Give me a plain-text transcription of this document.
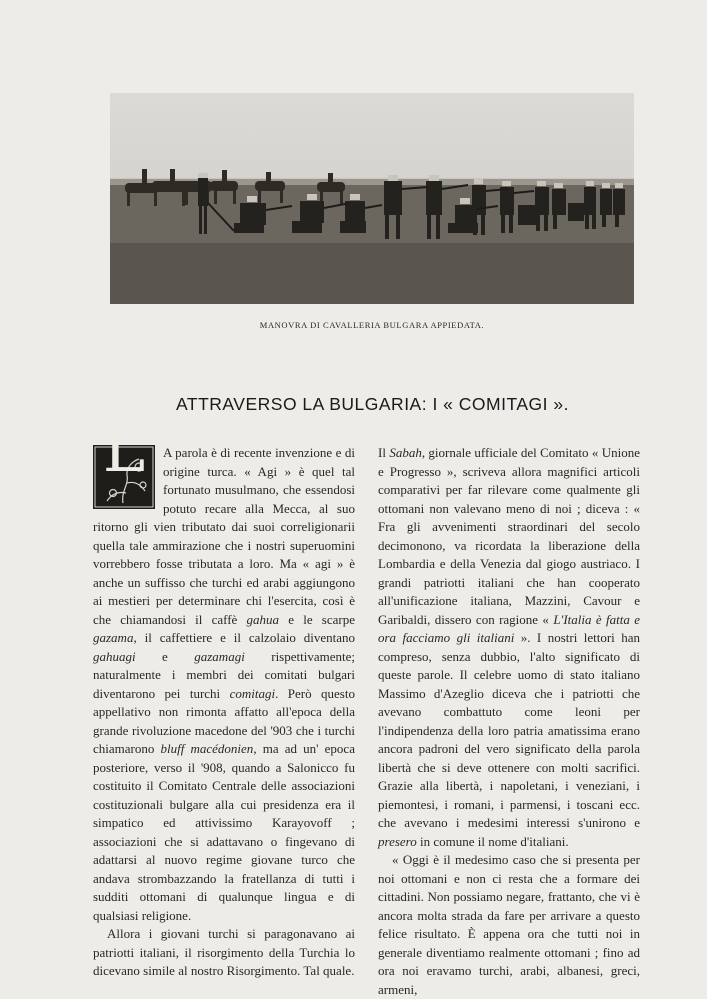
MANOVRA DI CAVALLERIA BULGARA APPIEDATA.
ATTRAVERSO LA BULGARIA: I « COMITAGI ».
L	A parola è di recente invenzione e di origine turca. « Agi » è quel tal fortunato musulmano, che essendosi potuto recare alla Mecca, al suo ritorno gli vien tributato dai suoi correligionarii quella tale ammirazione che i nostri superuomini vorrebbero fosse tributata a loro. Ma « agi » è anche un suffisso che turchi ed arabi aggiungono ai mestieri per determinare chi l'esercita, così è che chiamandosi il caffè gahua e le scarpe gazama, il caffettiere e il calzolaio diventano gahuagi e gazamagi rispettivamente; naturalmente i membri dei comitati bulgari diventarono pei turchi comitagi. Però questo appellativo non rimonta affatto all'epoca della grande rivoluzione macedone del '903 che i turchi chiamarono bluff macédonien, ma ad un' epoca posteriore, verso il '908, quando a Salonicco fu costituito il Comitato Centrale delle associazioni costituzionali bulgare alla cui presidenza era il simpatico ed attivissimo Karayovoff ; associazioni che si adattavano o fingevano di adattarsi al nuovo regime giovane turco che andava strombazzando la fratellanza di tutti i sudditi ottomani di qualunque lingua e di qualsiasi religione.

Allora i giovani turchi si paragonavano ai patriotti italiani, il risorgimento della Turchia lo dicevano simile al nostro Risorgimento. Tal quale.

Il Sabah, giornale ufficiale del Comitato « Unione e Progresso », scriveva allora magnifici articoli comparativi per far rilevare come qualmente gli ottomani non valevano meno di noi ; diceva : « Fra gli avvenimenti straordinari del secolo decimonono, va ricordata la liberazione della Lombardia e della Venezia dal giogo austriaco. I grandi patriotti italiani che han cooperato all'unificazione italiana, Mazzini, Cavour e Garibaldi, dissero con ragione « L'Italia è fatta e ora facciamo gli italiani ». I nostri lettori han compreso, senza dubbio, l'alto significato di queste parole. Il celebre uomo di stato italiano Massimo d'Azeglio diceva che i patriotti che avevano combattuto come leoni per l'indipendenza della loro patria amatissima erano ancora padroni del vero significato della parola libertà che si deve ottenere con molti sacrifici. Grazie alla libertà, i napoletani, i veneziani, i piemontesi, i romani, i parmensi, i toscani ecc. che avevano i medesimi interessi s'unirono e presero in comune il nome d'italiani.

« Oggi è il medesimo caso che si presenta per noi ottomani e non ci resta che a formare dei cittadini. Non possiamo negare, frattanto, che vi è ancora molta strada da fare per arrivare a questo felice risultato. È appena ora che tutti noi in generale diventiamo realmente ottomani ; fino ad ora noi eravamo turchi, arabi, albanesi, greci, armeni,
